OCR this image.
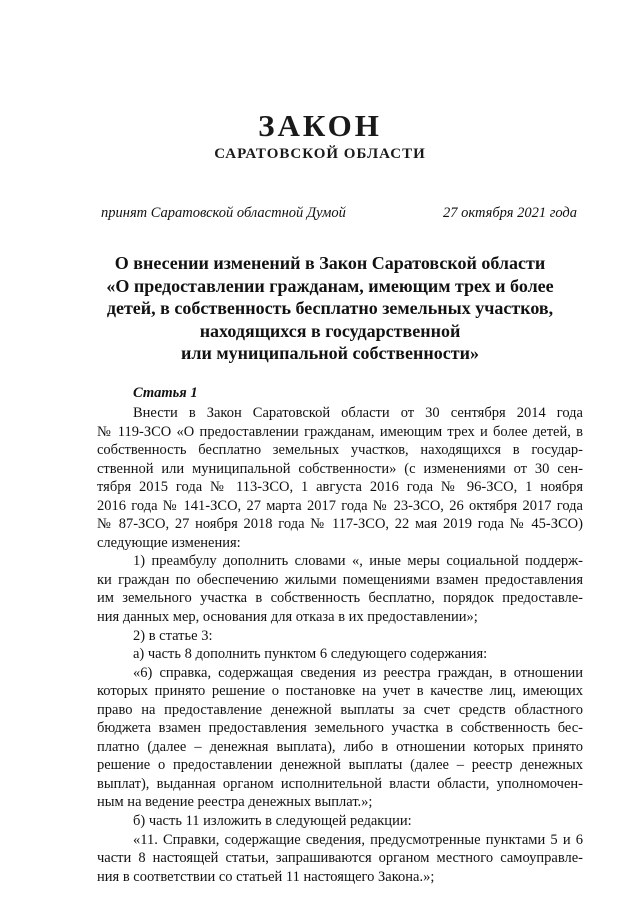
ЗАКОН
САРАТОВСКОЙ ОБЛАСТИ
принят Саратовской областной Думой	27 октября 2021 года
О внесении изменений в Закон Саратовской области
«О предоставлении гражданам, имеющим трех и более
детей, в собственность бесплатно земельных участков,
находящихся в государственной
или муниципальной собственности»
Статья 1
Внести в Закон Саратовской области от 30 сентября 2014 года
№ 119-ЗСО «О предоставлении гражданам, имеющим трех и более детей, в
собственность бесплатно земельных участков, находящихся в государ-
ственной или муниципальной собственности» (с изменениями от 30 сен-
тября 2015 года № 113-ЗСО, 1 августа 2016 года № 96-ЗСО, 1 ноября
2016 года № 141-ЗСО, 27 марта 2017 года № 23-ЗСО, 26 октября 2017 года
№ 87-ЗСО, 27 ноября 2018 года № 117-ЗСО, 22 мая 2019 года № 45-ЗСО)
следующие изменения:
1) преамбулу дополнить словами «, иные меры социальной поддерж-
ки граждан по обеспечению жилыми помещениями взамен предоставления
им земельного участка в собственность бесплатно, порядок предоставле-
ния данных мер, основания для отказа в их предоставлении»;
2) в статье 3:
а) часть 8 дополнить пунктом 6 следующего содержания:
«6) справка, содержащая сведения из реестра граждан, в отношении
которых принято решение о постановке на учет в качестве лиц, имеющих
право на предоставление денежной выплаты за счет средств областного
бюджета взамен предоставления земельного участка в собственность бес-
платно (далее – денежная выплата), либо в отношении которых принято
решение о предоставлении денежной выплаты (далее – реестр денежных
выплат), выданная органом исполнительной власти области, уполномочен-
ным на ведение реестра денежных выплат.»;
б) часть 11 изложить в следующей редакции:
«11. Справки, содержащие сведения, предусмотренные пунктами 5 и 6
части 8 настоящей статьи, запрашиваются органом местного самоуправле-
ния в соответствии со статьей 11 настоящего Закона.»;
